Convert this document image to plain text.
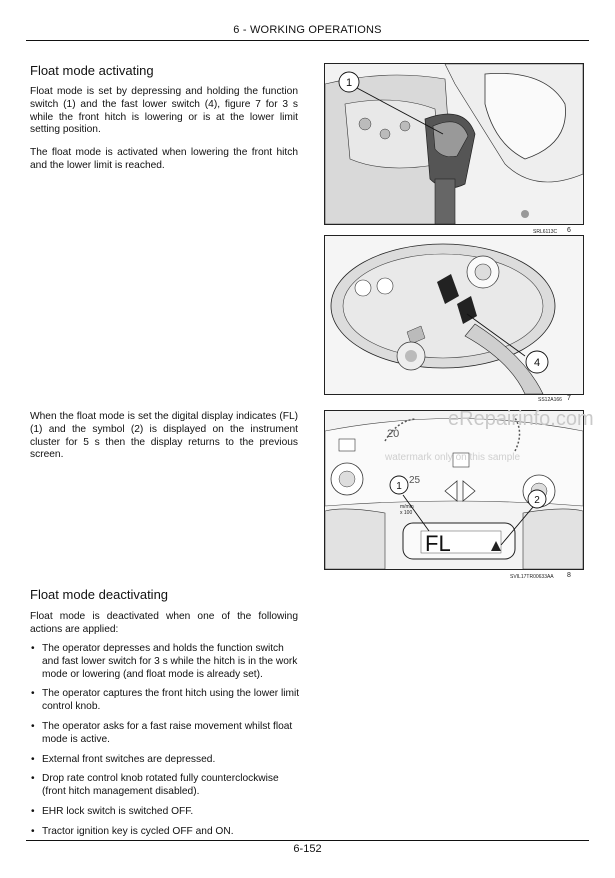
6 - WORKING OPERATIONS
Float mode activating

Float mode is set by depressing and holding the function switch (1) and the fast lower switch (4), figure 7 for 3 s while the front hitch is lowering or is at the lower limit setting position.

The float mode is activated when lowering the front hitch and the lower limit is reached.

1
6
SRL6113C
4
SS12A166 7

When the float mode is set the digital display indicates (FL) (1) and the symbol (2) is displayed on the instrument cluster for 5 s then the display returns to the previous screen.

20
25
FL
m/min
x 100
1
2
SVIL17TR00633AA 8
eRepairinfo.com
watermark only on this sample
Float mode deactivating

Float mode is deactivated when one of the following actions are applied:

• The operator depresses and holds the function switch and fast lower switch for 3 s while the hitch is in the work mode or lowering (and float mode is already set).
• The operator captures the front hitch using the lower limit control knob.
• The operator asks for a fast raise movement whilst float mode is active.
• External front switches are depressed.
• Drop rate control knob rotated fully counterclockwise (front hitch management disabled).
• EHR lock switch is switched OFF.
• Tractor ignition key is cycled OFF and ON.
6-152
